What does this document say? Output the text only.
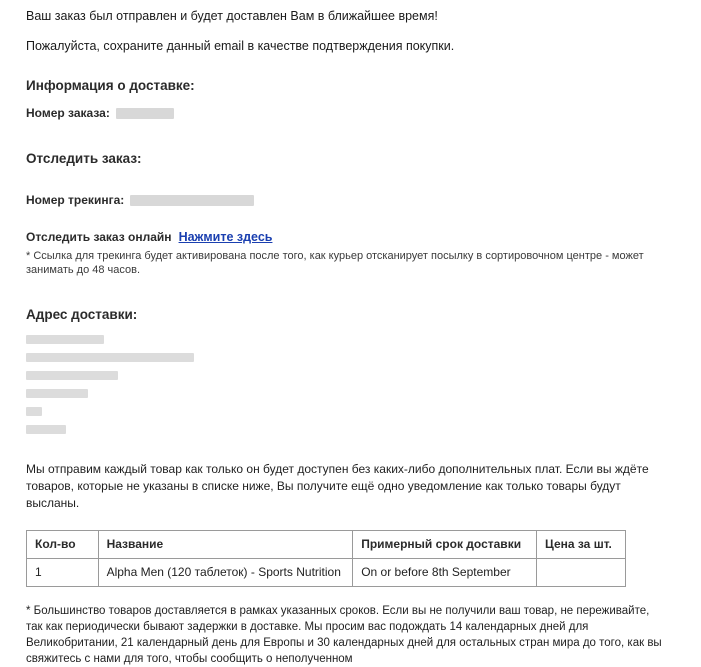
Ваш заказ был отправлен и будет доставлен Вам в ближайшее время!

Пожалуйста, сохраните данный email в качестве подтверждения покупки.

Информация о доставке:
Номер заказа:
Отследить заказ:
Номер трекинга:
Отследить заказ онлайн Нажмите здесь

* Ссылка для трекинга будет активирована после того, как курьер отсканирует посылку в сортировочном центре - может занимать до 48 часов.

Адрес доставки:

Мы отправим каждый товар как только он будет доступен без каких-либо дополнительных плат. Если вы ждёте товаров, которые не указаны в списке ниже, Вы получите ещё одно уведомление как только товары будут высланы.

Кол-во	Название	Примерный срок доставки	Цена за шт.
1	Alpha Men (120 таблеток) - Sports Nutrition	On or before 8th September	

* Большинство товаров доставляется в рамках указанных сроков. Если вы не получили ваш товар, не переживайте, так как периодически бывают задержки в доставке. Мы просим вас подождать 14 календарных дней для Великобритании, 21 календарный день для Европы и 30 календарных дней для остальных стран мира до того, как вы свяжитесь с нами для того, чтобы сообщить о неполученном
